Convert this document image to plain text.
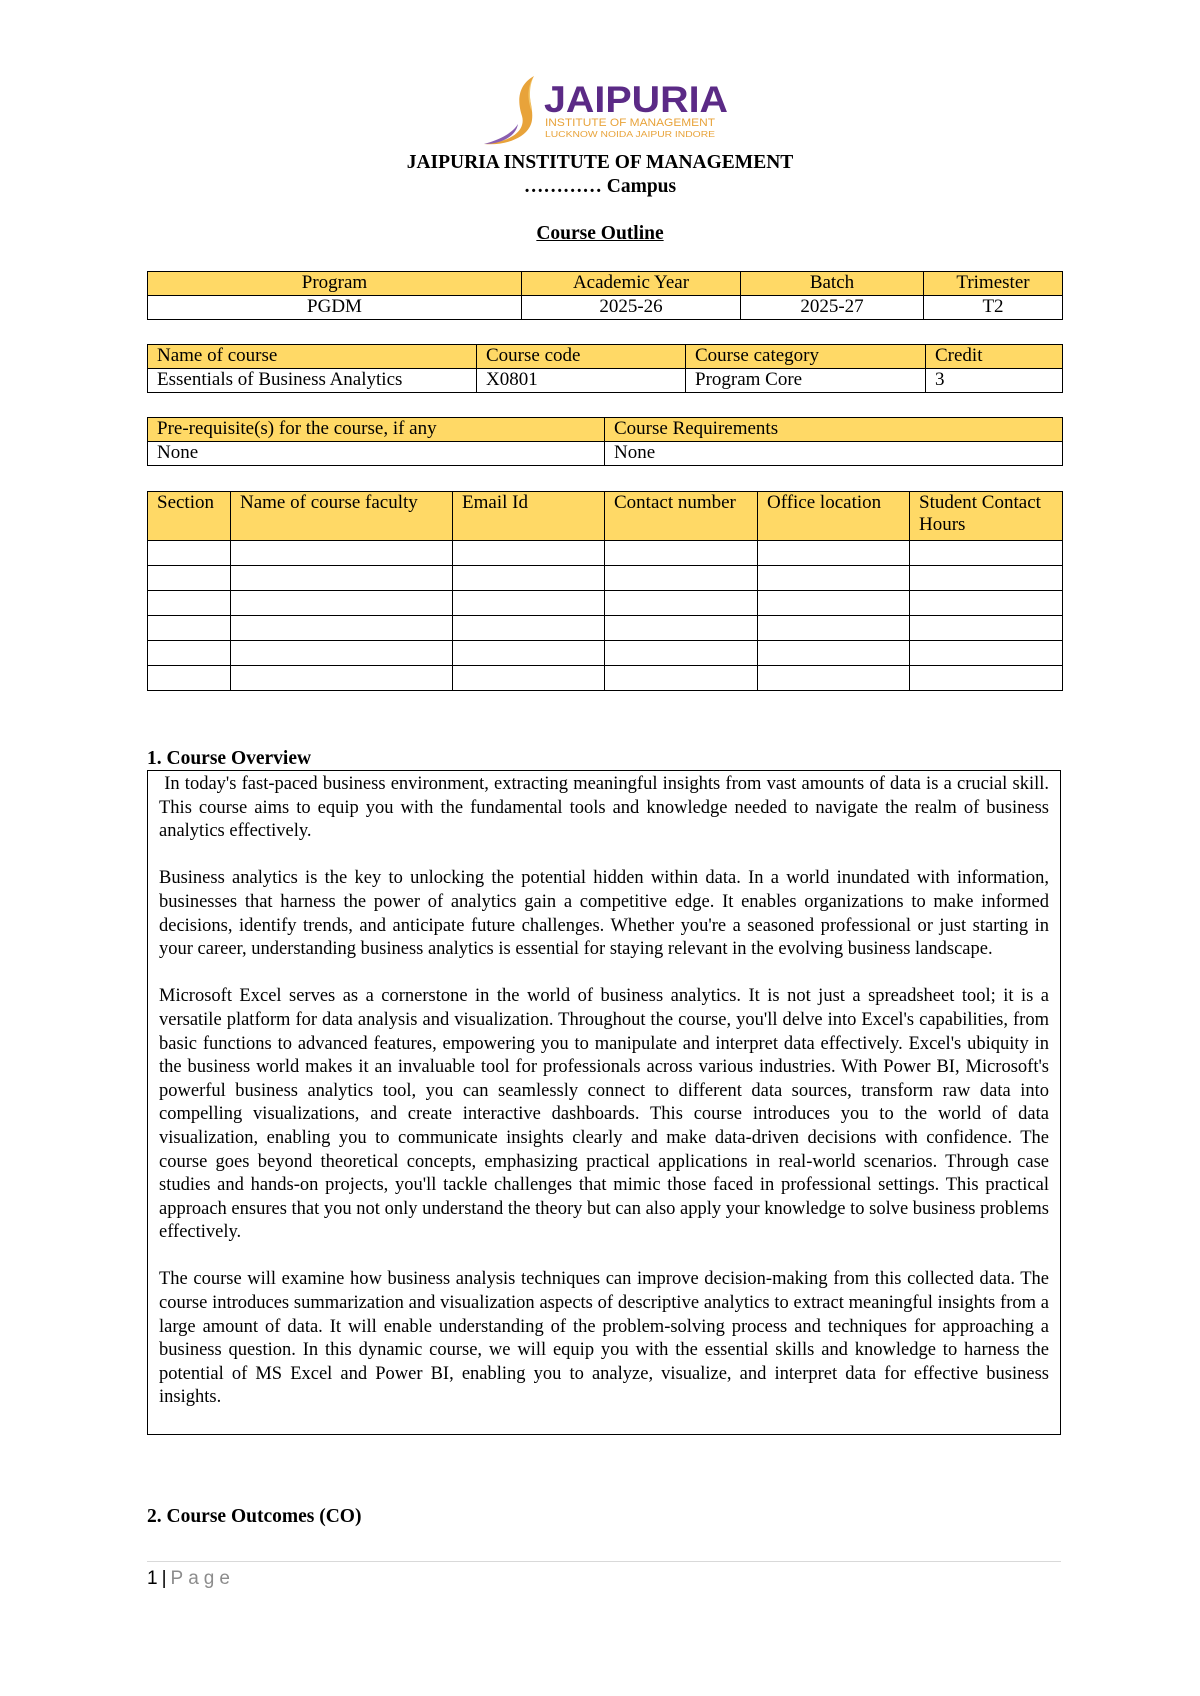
JAIPURIA
INSTITUTE OF MANAGEMENT
LUCKNOW NOIDA JAIPUR INDORE
JAIPURIA INSTITUTE OF MANAGEMENT
………… Campus
Course Outline
Program	Academic Year	Batch	Trimester
PGDM	2025-26	2025-27	T2
Name of course	Course code	Course category	Credit
Essentials of Business Analytics	X0801	Program Core	3
Pre-requisite(s) for the course, if any	Course Requirements
None	None
Section	Name of course faculty	Email Id	Contact number	Office location	Student Contact Hours

1. Course Overview

In today's fast-paced business environment, extracting meaningful insights from vast amounts of data is a crucial skill. This course aims to equip you with the fundamental tools and knowledge needed to navigate the realm of business analytics effectively.

Business analytics is the key to unlocking the potential hidden within data. In a world inundated with information, businesses that harness the power of analytics gain a competitive edge. It enables organizations to make informed decisions, identify trends, and anticipate future challenges. Whether you're a seasoned professional or just starting in your career, understanding business analytics is essential for staying relevant in the evolving business landscape.

Microsoft Excel serves as a cornerstone in the world of business analytics. It is not just a spreadsheet tool; it is a versatile platform for data analysis and visualization. Throughout the course, you'll delve into Excel's capabilities, from basic functions to advanced features, empowering you to manipulate and interpret data effectively. Excel's ubiquity in the business world makes it an invaluable tool for professionals across various industries. With Power BI, Microsoft's powerful business analytics tool, you can seamlessly connect to different data sources, transform raw data into compelling visualizations, and create interactive dashboards. This course introduces you to the world of data visualization, enabling you to communicate insights clearly and make data-driven decisions with confidence. The course goes beyond theoretical concepts, emphasizing practical applications in real-world scenarios. Through case studies and hands-on projects, you'll tackle challenges that mimic those faced in professional settings. This practical approach ensures that you not only understand the theory but can also apply your knowledge to solve business problems effectively.

The course will examine how business analysis techniques can improve decision-making from this collected data. The course introduces summarization and visualization aspects of descriptive analytics to extract meaningful insights from a large amount of data. It will enable understanding of the problem-solving process and techniques for approaching a business question. In this dynamic course, we will equip you with the essential skills and knowledge to harness the potential of MS Excel and Power BI, enabling you to analyze, visualize, and interpret data for effective business insights.

2. Course Outcomes (CO)
1 | Page
